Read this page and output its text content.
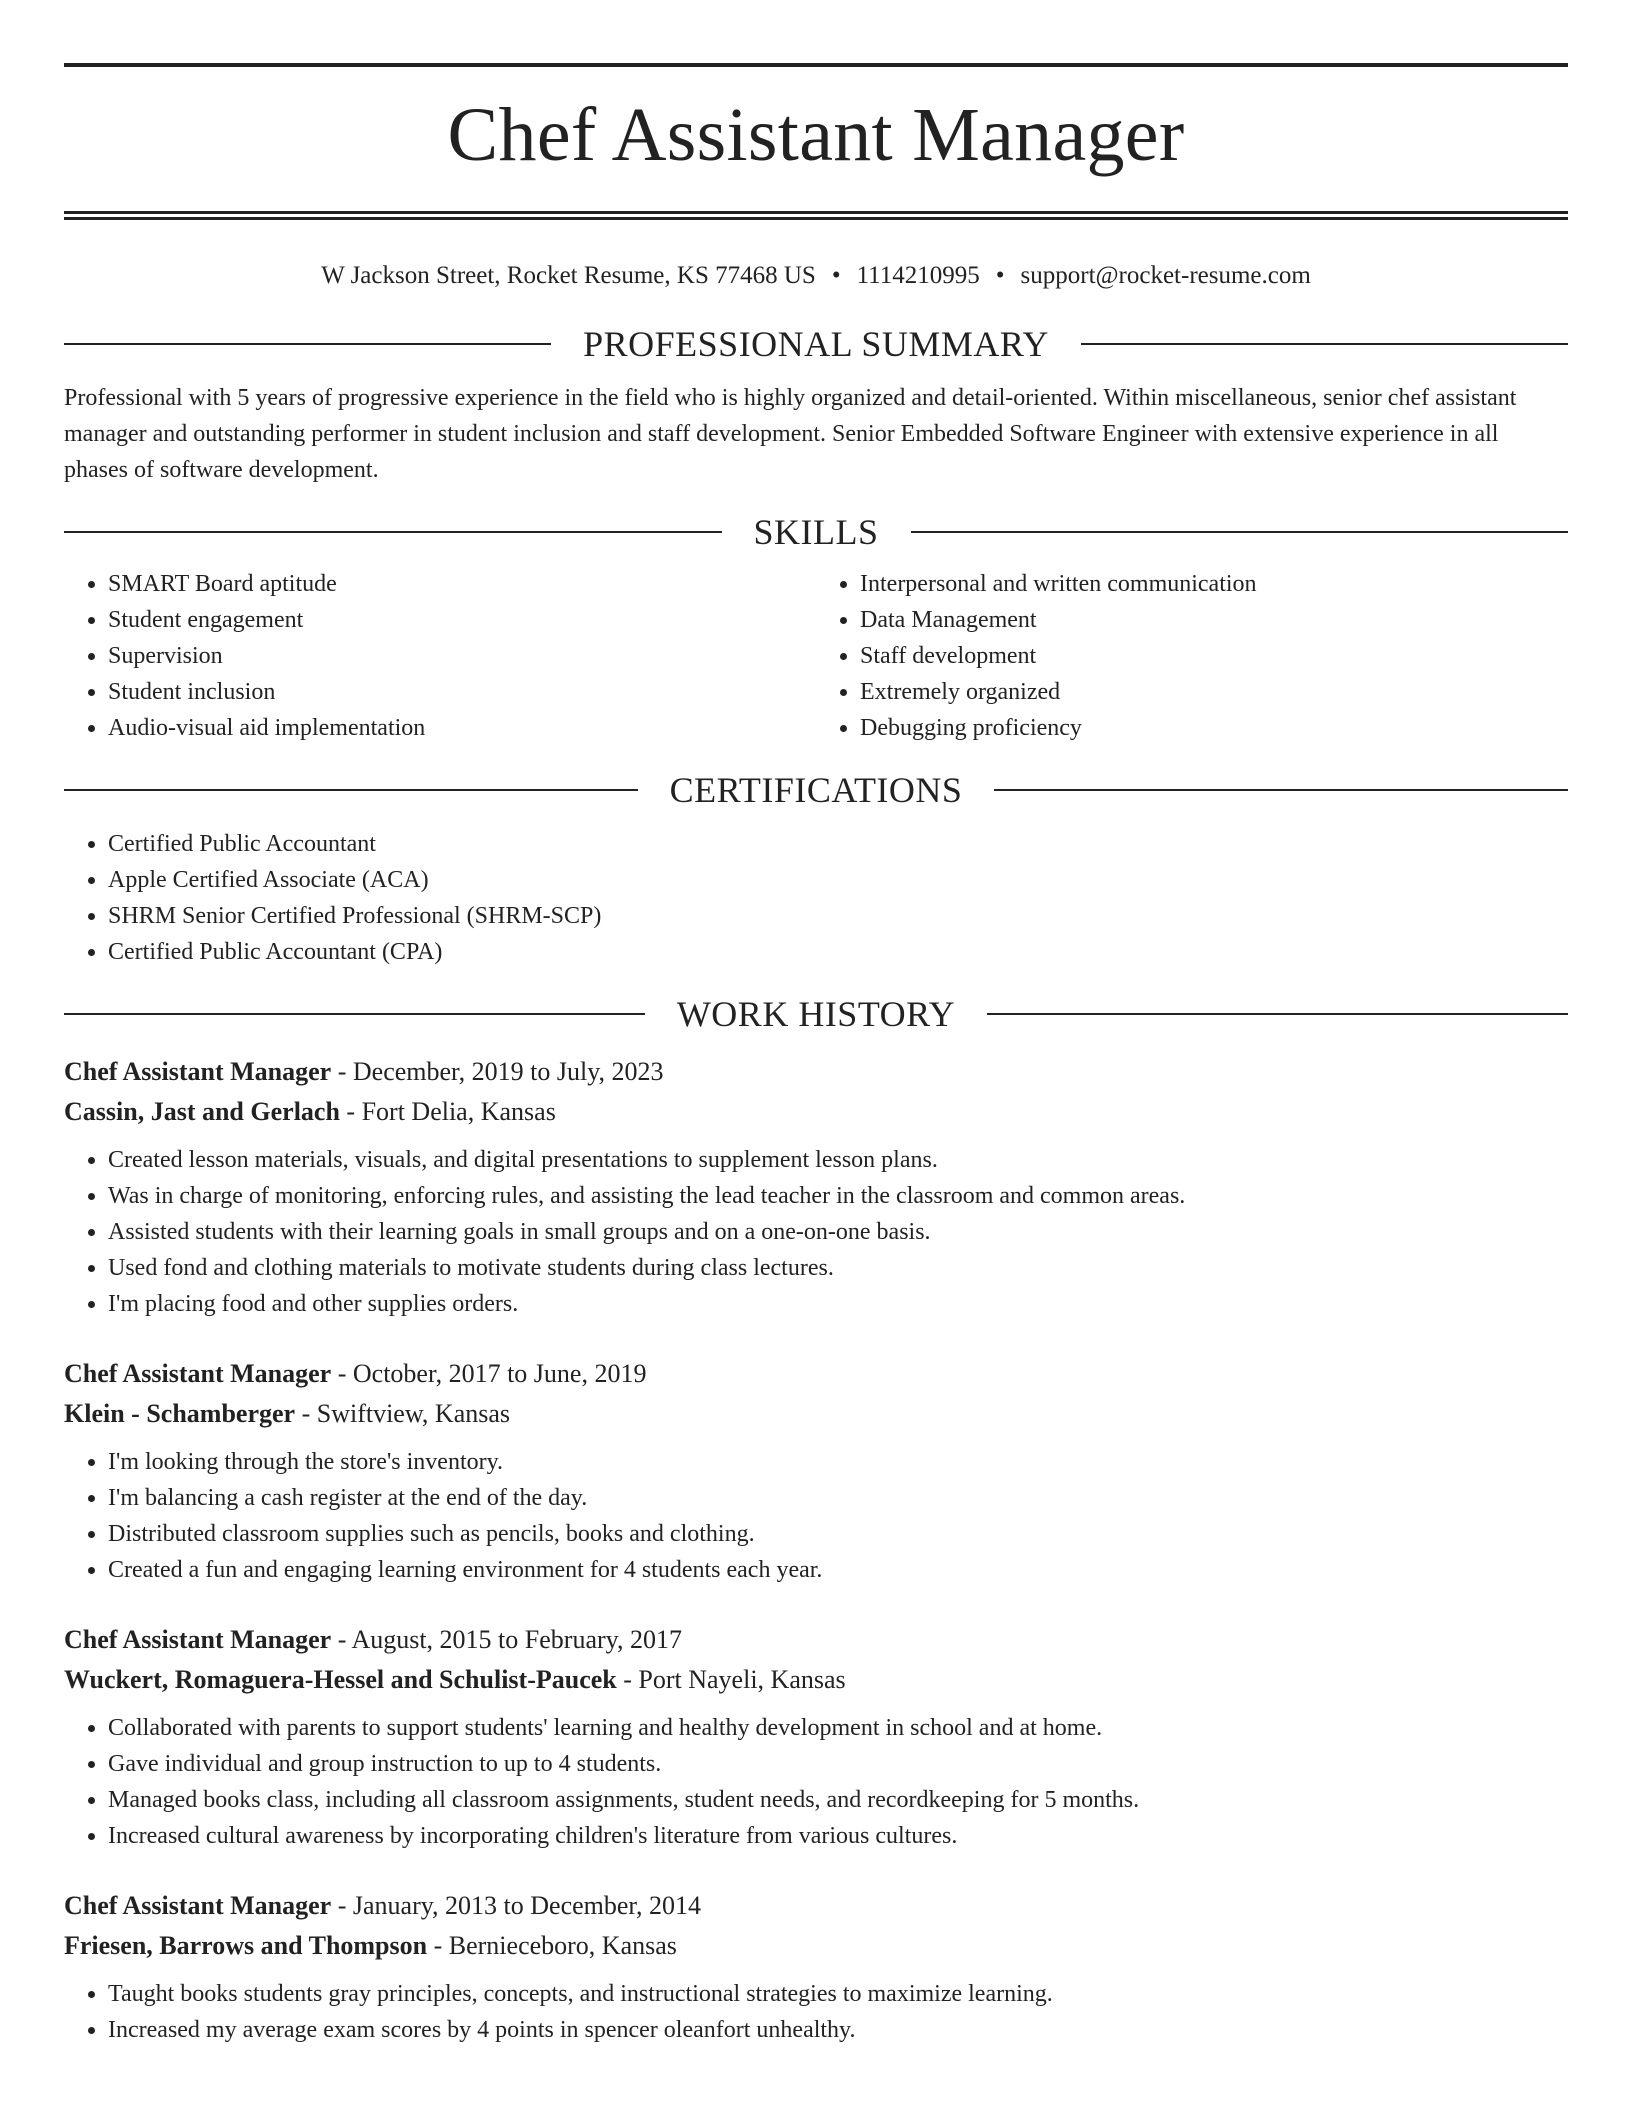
Chef Assistant Manager
W Jackson Street, Rocket Resume, KS 77468 US • 1114210995 • support@rocket-resume.com
PROFESSIONAL SUMMARY

Professional with 5 years of progressive experience in the field who is highly organized and detail-oriented. Within miscellaneous, senior chef assistant manager and outstanding performer in student inclusion and staff development. Senior Embedded Software Engineer with extensive experience in all phases of software development.

SKILLS
• SMART Board aptitude
• Student engagement
• Supervision
• Student inclusion
• Audio-visual aid implementation
• Interpersonal and written communication
• Data Management
• Staff development
• Extremely organized
• Debugging proficiency
CERTIFICATIONS
• Certified Public Accountant
• Apple Certified Associate (ACA)
• SHRM Senior Certified Professional (SHRM-SCP)
• Certified Public Accountant (CPA)
WORK HISTORY
Chef Assistant Manager - December, 2019 to July, 2023
Cassin, Jast and Gerlach - Fort Delia, Kansas
• Created lesson materials, visuals, and digital presentations to supplement lesson plans.
• Was in charge of monitoring, enforcing rules, and assisting the lead teacher in the classroom and common areas.
• Assisted students with their learning goals in small groups and on a one-on-one basis.
• Used fond and clothing materials to motivate students during class lectures.
• I'm placing food and other supplies orders.
Chef Assistant Manager - October, 2017 to June, 2019
Klein - Schamberger - Swiftview, Kansas
• I'm looking through the store's inventory.
• I'm balancing a cash register at the end of the day.
• Distributed classroom supplies such as pencils, books and clothing.
• Created a fun and engaging learning environment for 4 students each year.
Chef Assistant Manager - August, 2015 to February, 2017
Wuckert, Romaguera-Hessel and Schulist-Paucek - Port Nayeli, Kansas
• Collaborated with parents to support students' learning and healthy development in school and at home.
• Gave individual and group instruction to up to 4 students.
• Managed books class, including all classroom assignments, student needs, and recordkeeping for 5 months.
• Increased cultural awareness by incorporating children's literature from various cultures.
Chef Assistant Manager - January, 2013 to December, 2014
Friesen, Barrows and Thompson - Bernieceboro, Kansas
• Taught books students gray principles, concepts, and instructional strategies to maximize learning.
• Increased my average exam scores by 4 points in spencer oleanfort unhealthy.
